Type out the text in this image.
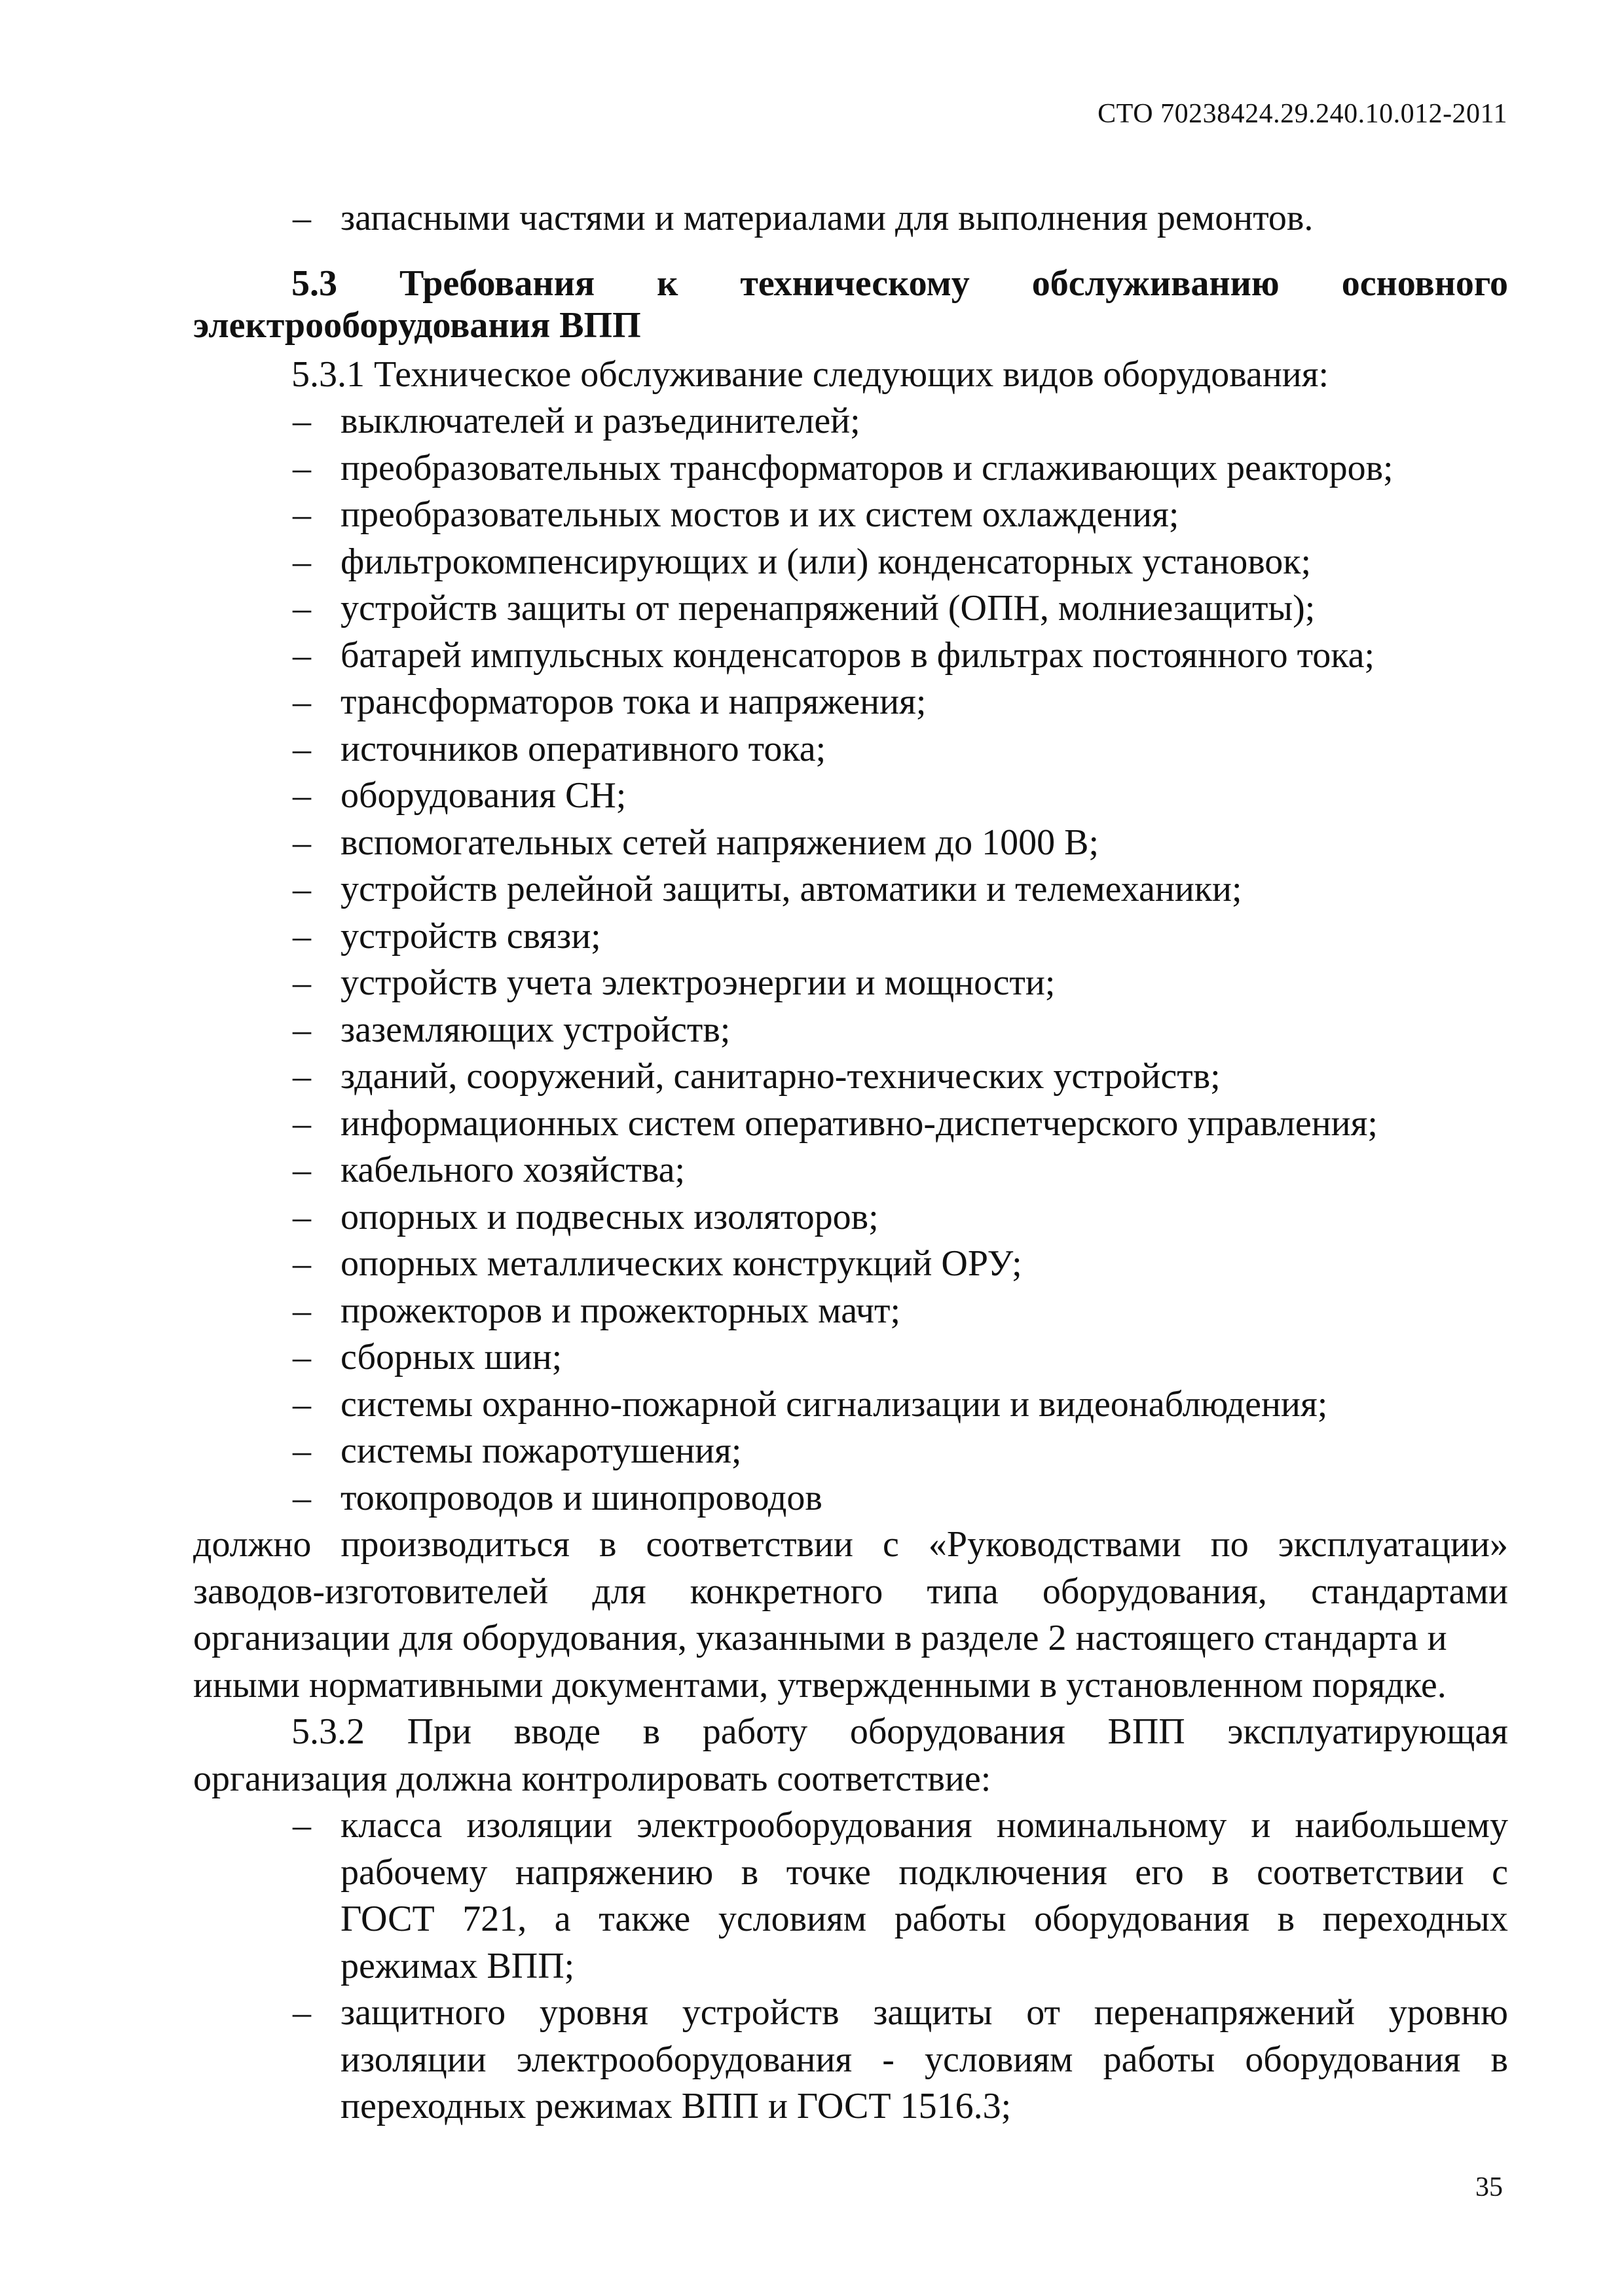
СТО 70238424.29.240.10.012-2011
– запасными частями и материалами для выполнения ремонтов.
5.3 Требования к техническому обслуживанию основного
электрооборудования ВПП
5.3.1 Техническое обслуживание следующих видов оборудования:
– выключателей и разъединителей;
– преобразовательных трансформаторов и сглаживающих реакторов;
– преобразовательных мостов и их систем охлаждения;
– фильтрокомпенсирующих и (или) конденсаторных установок;
– устройств защиты от перенапряжений (ОПН, молниезащиты);
– батарей импульсных конденсаторов в фильтрах постоянного тока;
– трансформаторов тока и напряжения;
– источников оперативного тока;
– оборудования СН;
– вспомогательных сетей напряжением до 1000 В;
– устройств релейной защиты, автоматики и телемеханики;
– устройств связи;
– устройств учета электроэнергии и мощности;
– заземляющих устройств;
– зданий, сооружений, санитарно-технических устройств;
– информационных систем оперативно-диспетчерского управления;
– кабельного хозяйства;
– опорных и подвесных изоляторов;
– опорных металлических конструкций ОРУ;
– прожекторов и прожекторных мачт;
– сборных шин;
– системы охранно-пожарной сигнализации и видеонаблюдения;
– системы пожаротушения;
– токопроводов и шинопроводов
должно производиться в соответствии с «Руководствами по эксплуатации»
заводов-изготовителей для конкретного типа оборудования, стандартами
организации для оборудования, указанными в разделе 2 настоящего стандарта и
иными нормативными документами, утвержденными в установленном порядке.
5.3.2 При вводе в работу оборудования ВПП эксплуатирующая
организация должна контролировать соответствие:
– класса изоляции электрооборудования номинальному и наибольшему
рабочему напряжению в точке подключения его в соответствии с
ГОСТ 721, а также условиям работы оборудования в переходных
режимах ВПП;
– защитного уровня устройств защиты от перенапряжений уровню
изоляции электрооборудования - условиям работы оборудования в
переходных режимах ВПП и ГОСТ 1516.3;
35
